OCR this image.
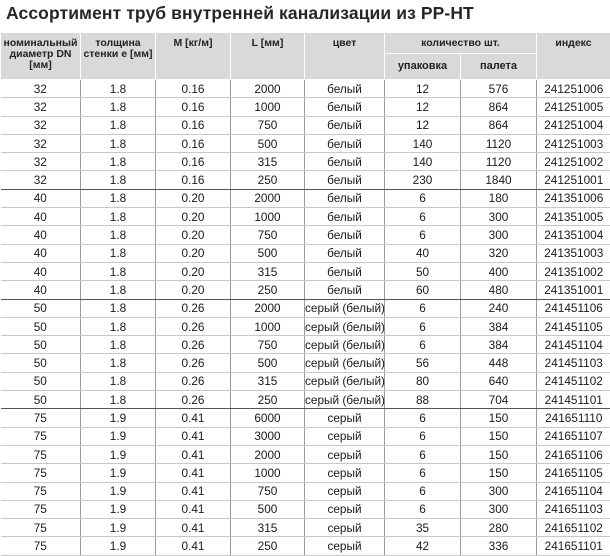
Ассортимент труб внутренней канализации из PP-HT
номинальный диаметр DN [мм]	толщина стенки e [мм]	M [кг/м]	L [мм]	цвет	количество шт.		индекс
					упаковка	палета	
32	1.8	0.16	2000	белый	12	576	241251006
32	1.8	0.16	1000	белый	12	864	241251005
32	1.8	0.16	750	белый	12	864	241251004
32	1.8	0.16	500	белый	140	1120	241251003
32	1.8	0.16	315	белый	140	1120	241251002
32	1.8	0.16	250	белый	230	1840	241251001
40	1.8	0.20	2000	белый	6	180	241351006
40	1.8	0.20	1000	белый	6	300	241351005
40	1.8	0.20	750	белый	6	300	241351004
40	1.8	0.20	500	белый	40	320	241351003
40	1.8	0.20	315	белый	50	400	241351002
40	1.8	0.20	250	белый	60	480	241351001
50	1.8	0.26	2000	серый (белый)	6	240	241451106
50	1.8	0.26	1000	серый (белый)	6	384	241451105
50	1.8	0.26	750	серый (белый)	6	384	241451104
50	1.8	0.26	500	серый (белый)	56	448	241451103
50	1.8	0.26	315	серый (белый)	80	640	241451102
50	1.8	0.26	250	серый (белый)	88	704	241451101
75	1.9	0.41	6000	серый	6	150	241651110
75	1.9	0.41	3000	серый	6	150	241651107
75	1.9	0.41	2000	серый	6	150	241651106
75	1.9	0.41	1000	серый	6	150	241651105
75	1.9	0.41	750	серый	6	300	241651104
75	1.9	0.41	500	серый	6	300	241651103
75	1.9	0.41	315	серый	35	280	241651102
75	1.9	0.41	250	серый	42	336	241651101
